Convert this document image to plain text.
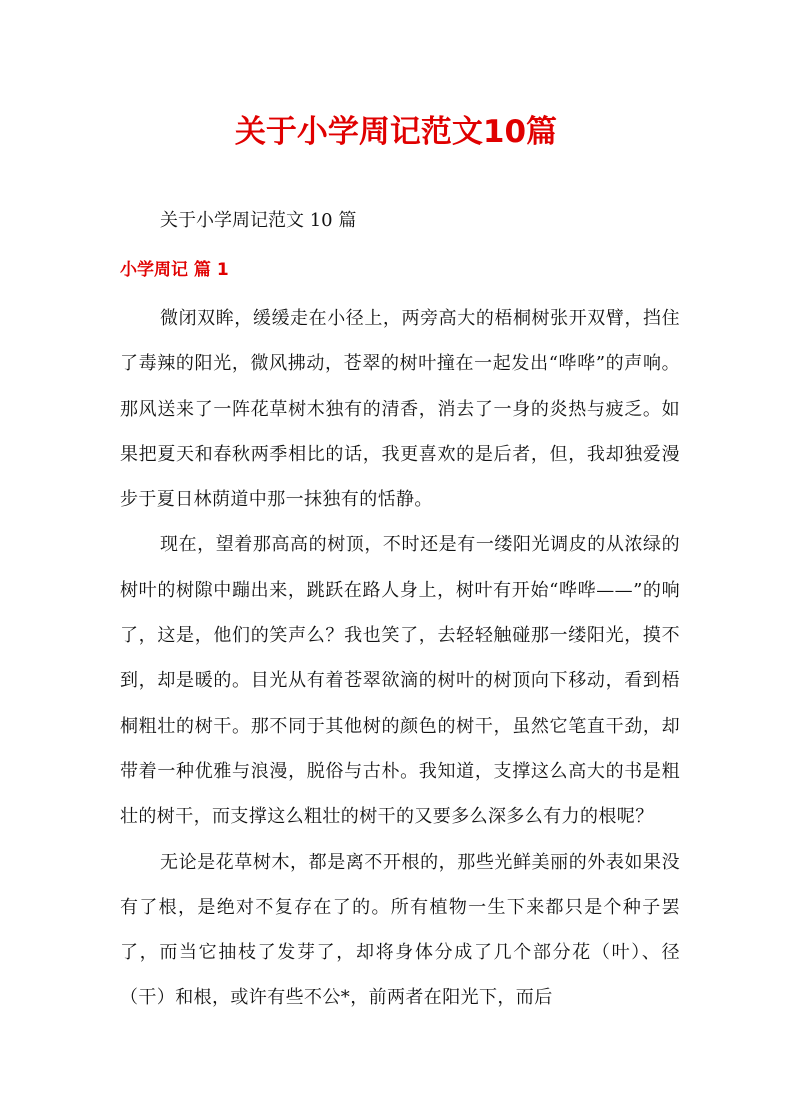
关于小学周记范文10篇

关于小学周记范文 10 篇

小学周记 篇 1

微闭双眸，缓缓走在小径上，两旁高大的梧桐树张开双臂，挡住了毒辣的阳光，微风拂动，苍翠的树叶撞在一起发出“哗哗”的声响。那风送来了一阵花草树木独有的清香，消去了一身的炎热与疲乏。如果把夏天和春秋两季相比的话，我更喜欢的是后者，但，我却独爱漫步于夏日林荫道中那一抹独有的恬静。

现在，望着那高高的树顶，不时还是有一缕阳光调皮的从浓绿的树叶的树隙中蹦出来，跳跃在路人身上，树叶有开始“哗哗——”的响了，这是，他们的笑声么？我也笑了，去轻轻触碰那一缕阳光，摸不到，却是暖的。目光从有着苍翠欲滴的树叶的树顶向下移动，看到梧桐粗壮的树干。那不同于其他树的颜色的树干，虽然它笔直干劲，却带着一种优雅与浪漫，脱俗与古朴。我知道，支撑这么高大的书是粗壮的树干，而支撑这么粗壮的树干的又要多么深多么有力的根呢？

无论是花草树木，都是离不开根的，那些光鲜美丽的外表如果没有了根，是绝对不复存在了的。所有植物一生下来都只是个种子罢了，而当它抽枝了发芽了，却将身体分成了几个部分花（叶）、径（干）和根，或许有些不公*，前两者在阳光下，而后
